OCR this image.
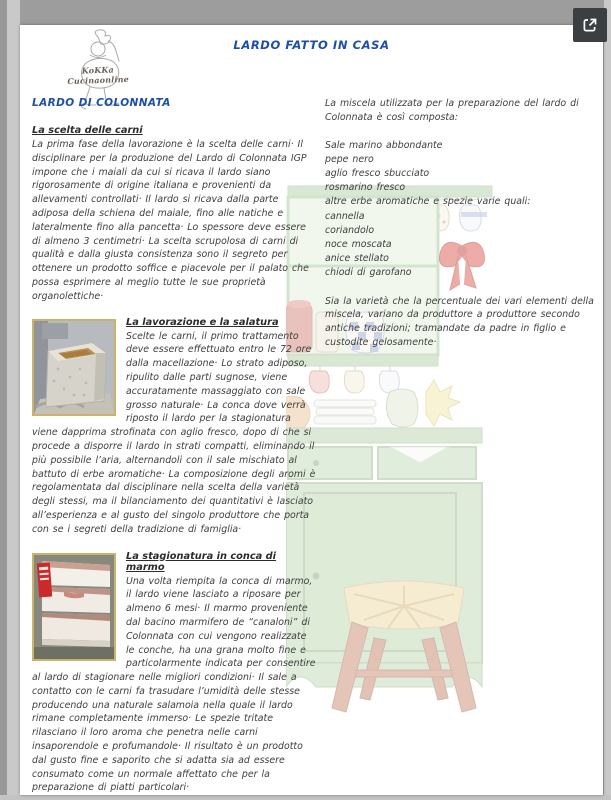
KoKKa Cucinaonline
LARDO FATTO IN CASA
LARDO DI COLONNATA
La scelta delle carni

La prima fase della lavorazione è la scelta delle carni· Il disciplinare per la produzione del Lardo di Colonnata IGP impone che i maiali da cui si ricava il lardo siano rigorosamente di origine italiana e provenienti da allevamenti controllati· Il lardo si ricava dalla parte adiposa della schiena del maiale, fino alle natiche e lateralmente fino alla pancetta· Lo spessore deve essere di almeno 3 centimetri· La scelta scrupolosa di carni di qualità e dalla giusta consistenza sono il segreto per ottenere un prodotto soffice e piacevole per il palato che possa esprimere al meglio tutte le sue proprietà organolettiche·

La lavorazione e la salatura

Scelte le carni, il primo trattamento deve essere effettuato entro le 72 ore dalla macellazione· Lo strato adiposo, ripulito dalle parti sugnose, viene accuratamente massaggiato con sale grosso naturale· La conca dove verrà riposto il lardo per la stagionatura viene dapprima strofinata con aglio fresco, dopo di che si procede a disporre il lardo in strati compatti, eliminando il più possibile l’aria, alternandoli con il sale mischiato al battuto di erbe aromatiche· La composizione degli aromi è regolamentata dal disciplinare nella scelta della varietà degli stessi, ma il bilanciamento dei quantitativi è lasciato all’esperienza e al gusto del singolo produttore che porta con se i segreti della tradizione di famiglia·

La stagionatura in conca di marmo

Una volta riempita la conca di marmo, il lardo viene lasciato a riposare per almeno 6 mesi· Il marmo proveniente dal bacino marmifero de “canaloni” di Colonnata con cui vengono realizzate le conche, ha una grana molto fine e particolarmente indicata per consentire al lardo di stagionare nelle migliori condizioni· Il sale a contatto con le carni fa trasudare l’umidità delle stesse producendo una naturale salamoia nella quale il lardo rimane completamente immerso· Le spezie tritate rilasciano il loro aroma che penetra nelle carni insaporendole e profumandole· Il risultato è un prodotto dal gusto fine e saporito che si adatta sia ad essere consumato come un normale affettato che per la preparazione di piatti particolari·

La miscela utilizzata per la preparazione del lardo di Colonnata è così composta:

Sale marino abbondante
pepe nero
aglio fresco sbucciato
rosmarino fresco
altre erbe aromatiche e spezie varie quali:
cannella
coriandolo
noce moscata
anice stellato
chiodi di garofano

Sia la varietà che la percentuale dei vari elementi della miscela, variano da produttore a produttore secondo antiche tradizioni; tramandate da padre in figlio e custodite gelosamente·
